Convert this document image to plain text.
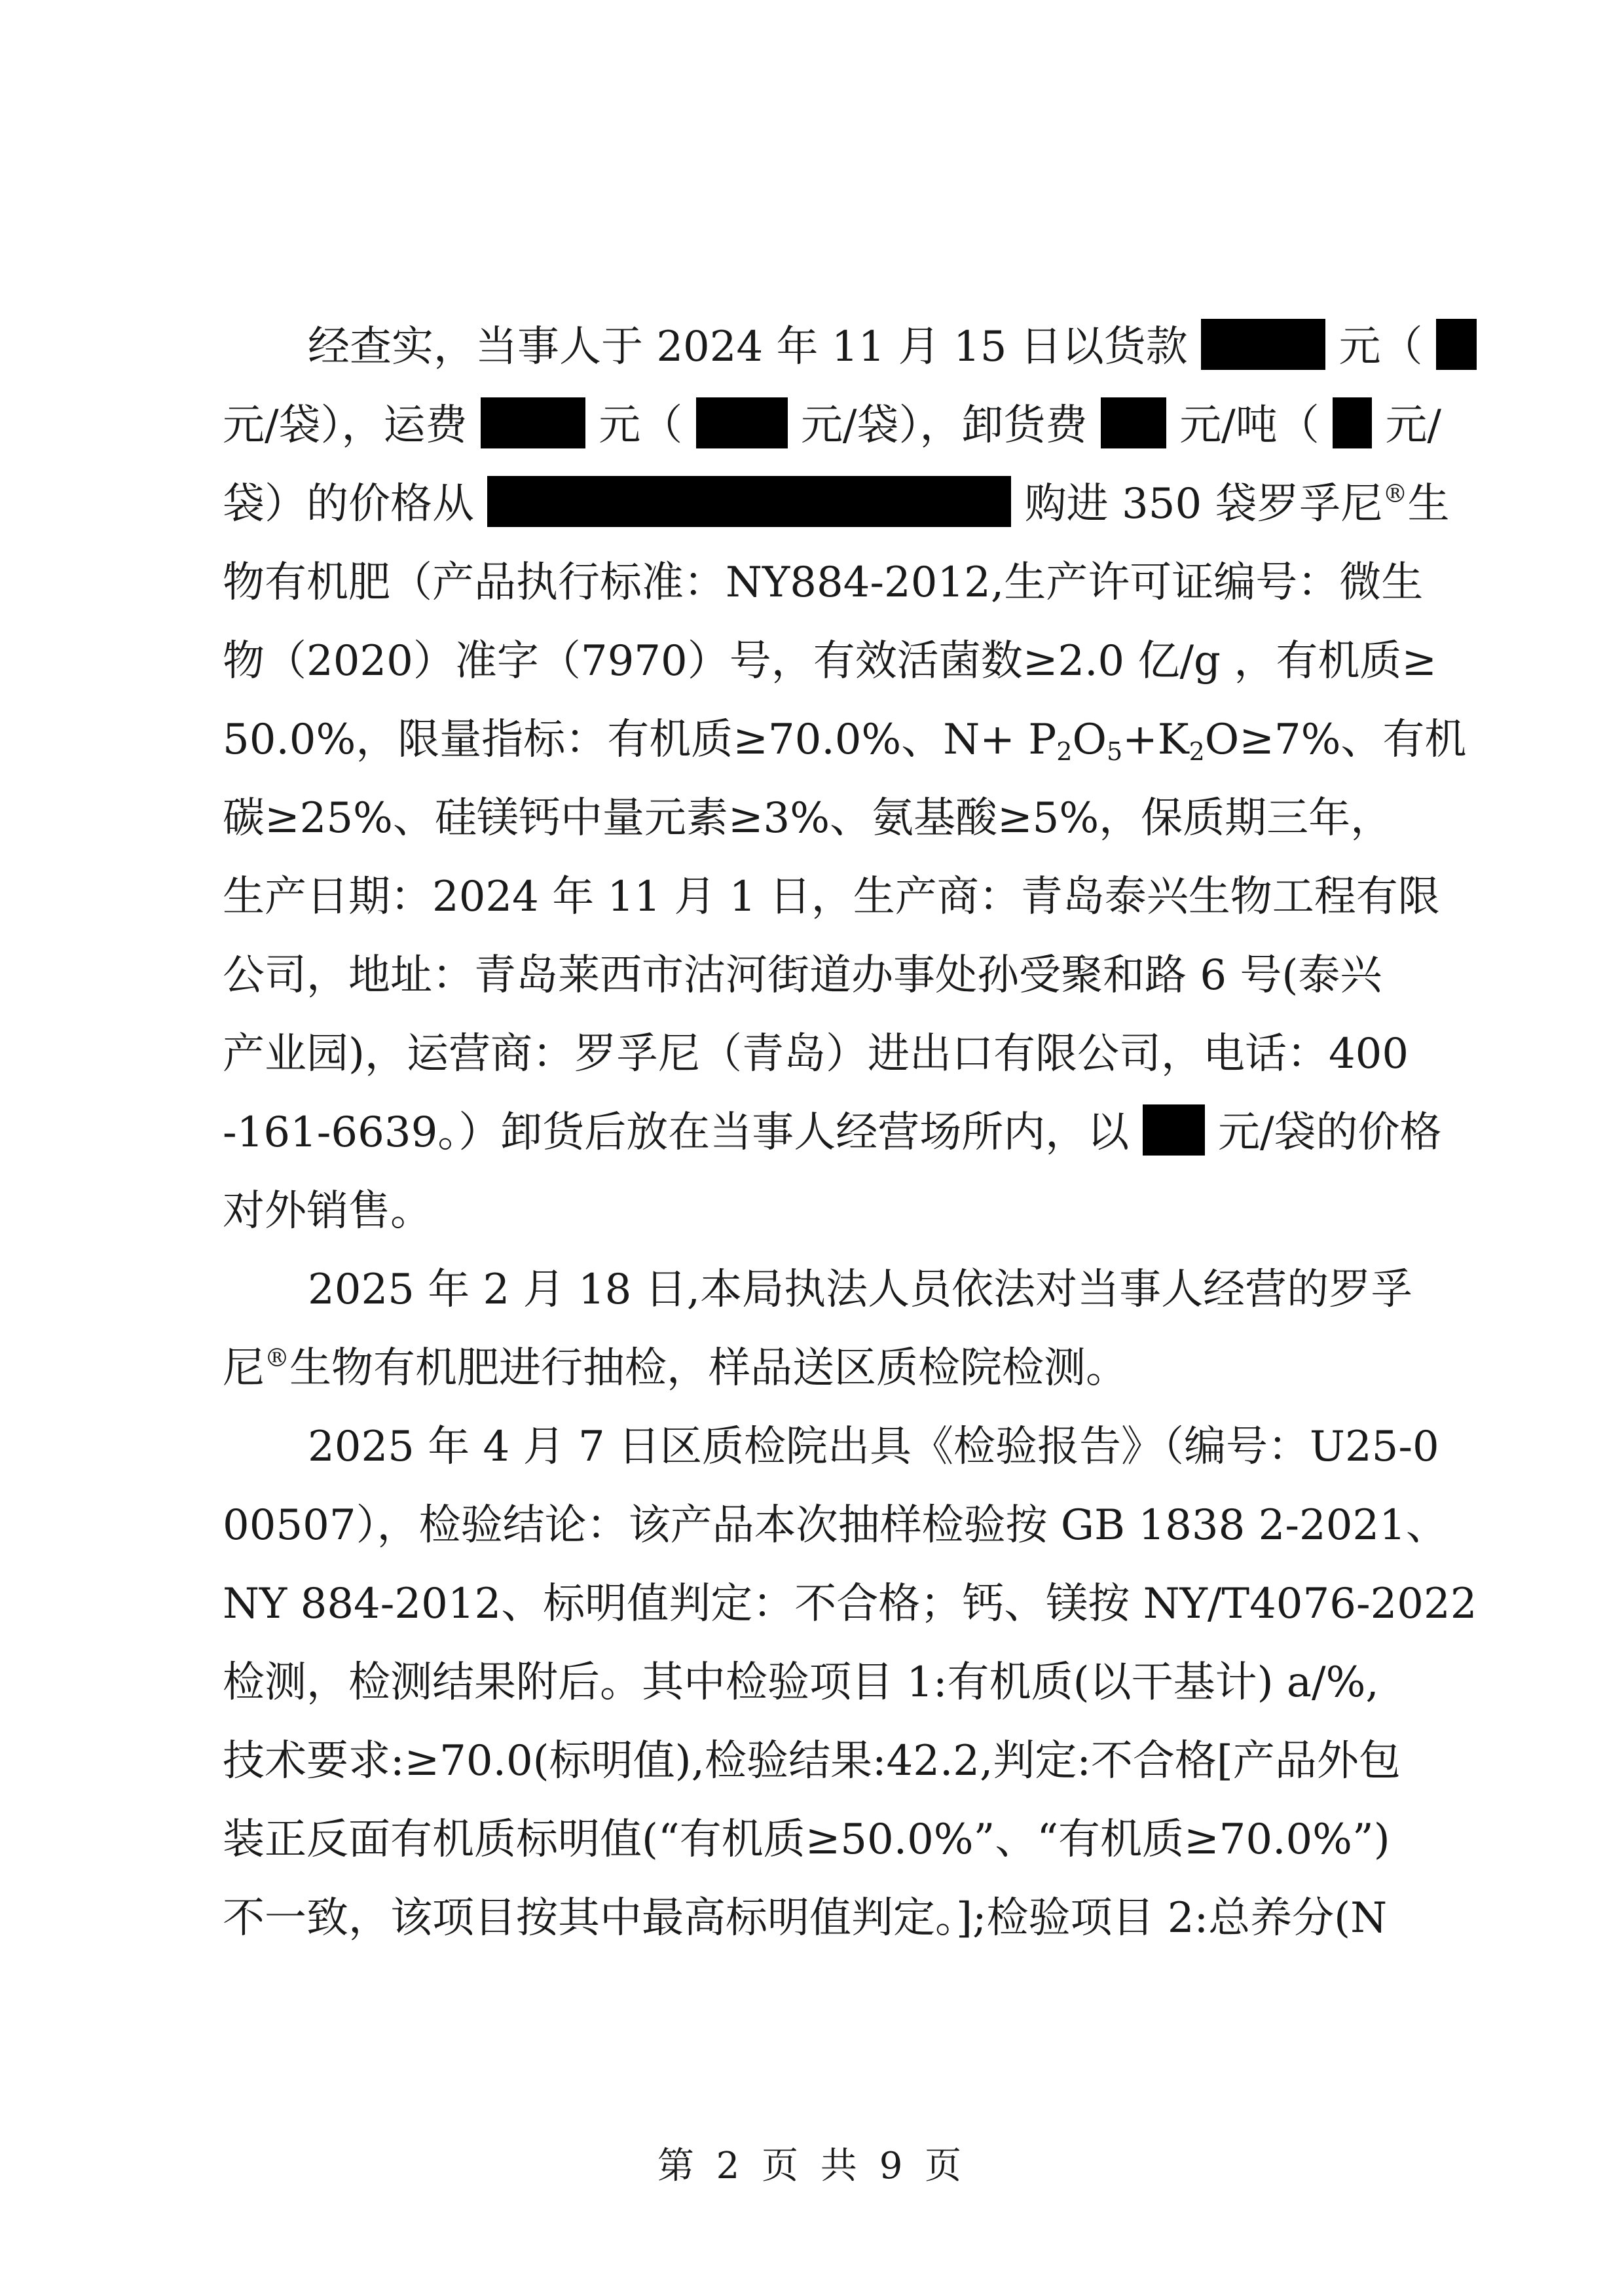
经查实，当事人于 2024 年 11 月 15 日以货款	元（
元/袋），运费	元（	元/袋），卸货费 元/吨（ 元/
袋）的价格从	购进 350 袋罗孚尼®生
物有机肥（产品执行标准：NY884-2012,生产许可证编号：微生
物（2020）准字（7970）号，有效活菌数≥2.0 亿/g ，有机质≥
50.0%，限量指标：有机质≥70.0%、$N+ P_2O_5+K_2O\ge 7\%$、有机
碳≥25%、硅镁钙中量元素≥3%、氨基酸≥5%，保质期三年，
生产日期：2024 年 11 月 1 日，生产商：青岛泰兴生物工程有限
公司，地址：青岛莱西市沽河街道办事处孙受聚和路 6 号(泰兴
产业园)，运营商：罗孚尼（青岛）进出口有限公司，电话：400
-161-6639。）卸货后放在当事人经营场所内，以 元/袋的价格
对外销售。
2025 年 2 月 18 日,本局执法人员依法对当事人经营的罗孚
尼®生物有机肥进行抽检，样品送区质检院检测。
2025 年 4 月 7 日区质检院出具《检验报告》（编号：U25-0
00507），检验结论：该产品本次抽样检验按 GB 1838 2-2021、
NY 884-2012、标明值判定：不合格；钙、镁按 NY/T4076-2022
检测，检测结果附后。其中检验项目 1:有机质(以干基计) a/%,
技术要求:≥70.0(标明值),检验结果:42.2,判定:不合格[产品外包
装正反面有机质标明值(“有机质≥50.0%”、“有机质≥70.0%”)
不一致，该项目按其中最高标明值判定。];检验项目 2:总养分(N
第 2 页 共 9 页
